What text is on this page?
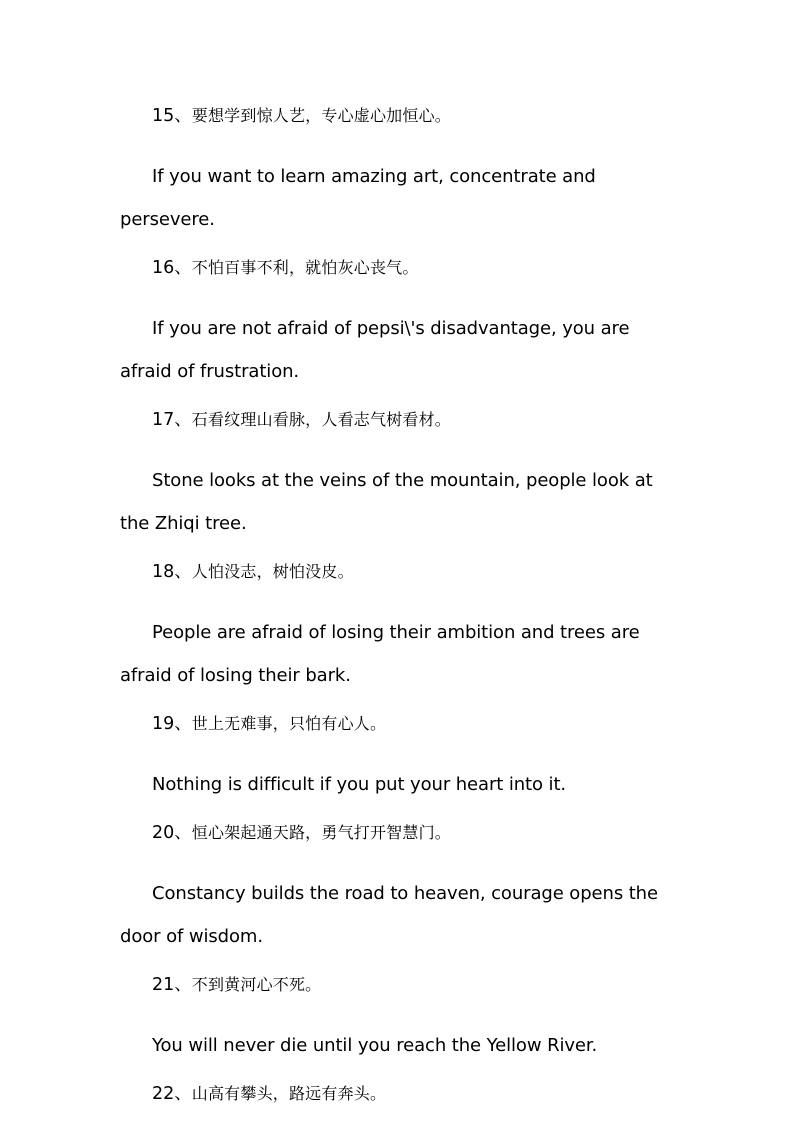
15、要想学到惊人艺，专心虚心加恒心。

If you want to learn amazing art, concentrate and persevere.

16、不怕百事不利，就怕灰心丧气。

If you are not afraid of pepsi\'s disadvantage, you are afraid of frustration.

17、石看纹理山看脉，人看志气树看材。

Stone looks at the veins of the mountain, people look at the Zhiqi tree.

18、人怕没志，树怕没皮。

People are afraid of losing their ambition and trees are afraid of losing their bark.

19、世上无难事，只怕有心人。

Nothing is difficult if you put your heart into it.

20、恒心架起通天路，勇气打开智慧门。

Constancy builds the road to heaven, courage opens the door of wisdom.

21、不到黄河心不死。

You will never die until you reach the Yellow River.

22、山高有攀头，路远有奔头。
